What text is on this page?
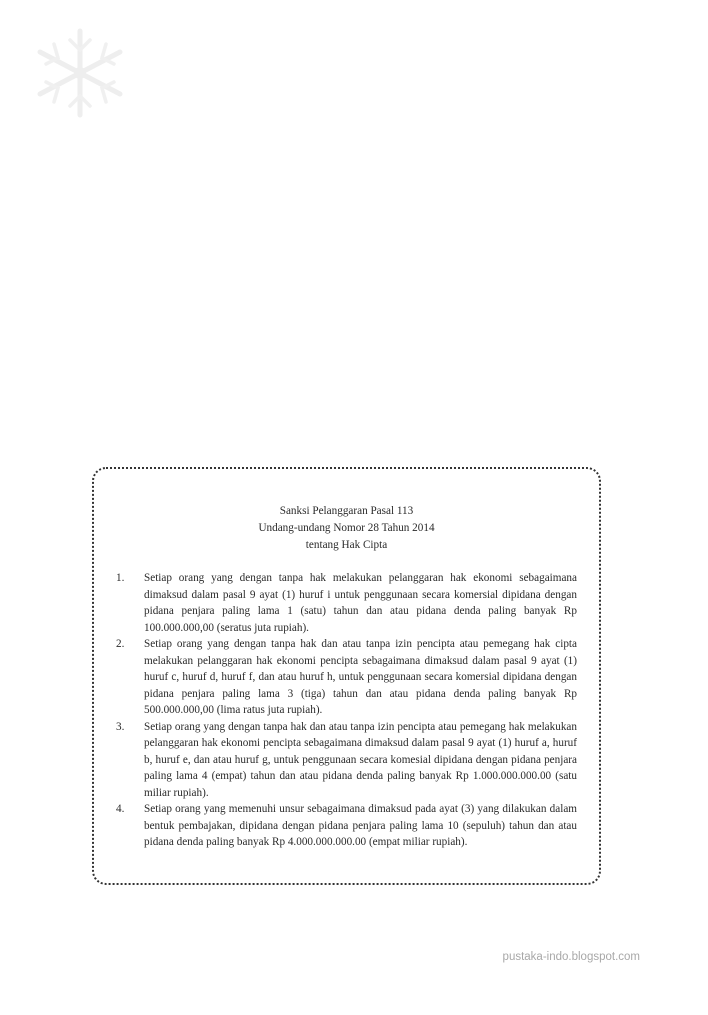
Sanksi Pelanggaran Pasal 113
Undang-undang Nomor 28 Tahun 2014
tentang Hak Cipta
1.	Setiap orang yang dengan tanpa hak melakukan pelanggaran hak ekonomi sebagaimana dimaksud dalam pasal 9 ayat (1) huruf i untuk penggunaan secara komersial dipidana dengan pidana penjara paling lama 1 (satu) tahun dan atau pidana denda paling banyak Rp 100.000.000,00 (seratus juta rupiah).
2.	Setiap orang yang dengan tanpa hak dan atau tanpa izin pencipta atau pemegang hak cipta melakukan pelanggaran hak ekonomi pencipta sebagaimana dimaksud dalam pasal 9 ayat (1) huruf c, huruf d, huruf f, dan atau huruf h, untuk penggunaan secara komersial dipidana dengan pidana penjara paling lama 3 (tiga) tahun dan atau pidana denda paling banyak Rp 500.000.000,00 (lima ratus juta rupiah).
3.	Setiap orang yang dengan tanpa hak dan atau tanpa izin pencipta atau pemegang hak melakukan pelanggaran hak ekonomi pencipta sebagaimana dimaksud dalam pasal 9 ayat (1) huruf a, huruf b, huruf e, dan atau huruf g, untuk penggunaan secara komesial dipidana dengan pidana penjara paling lama 4 (empat) tahun dan atau pidana denda paling banyak Rp 1.000.000.000.00 (satu miliar rupiah).
4.	Setiap orang yang memenuhi unsur sebagaimana dimaksud pada ayat (3) yang dilakukan dalam bentuk pembajakan, dipidana dengan pidana penjara paling lama 10 (sepuluh) tahun dan atau pidana denda paling banyak Rp 4.000.000.000.00 (empat miliar rupiah).
pustaka-indo.blogspot.com
